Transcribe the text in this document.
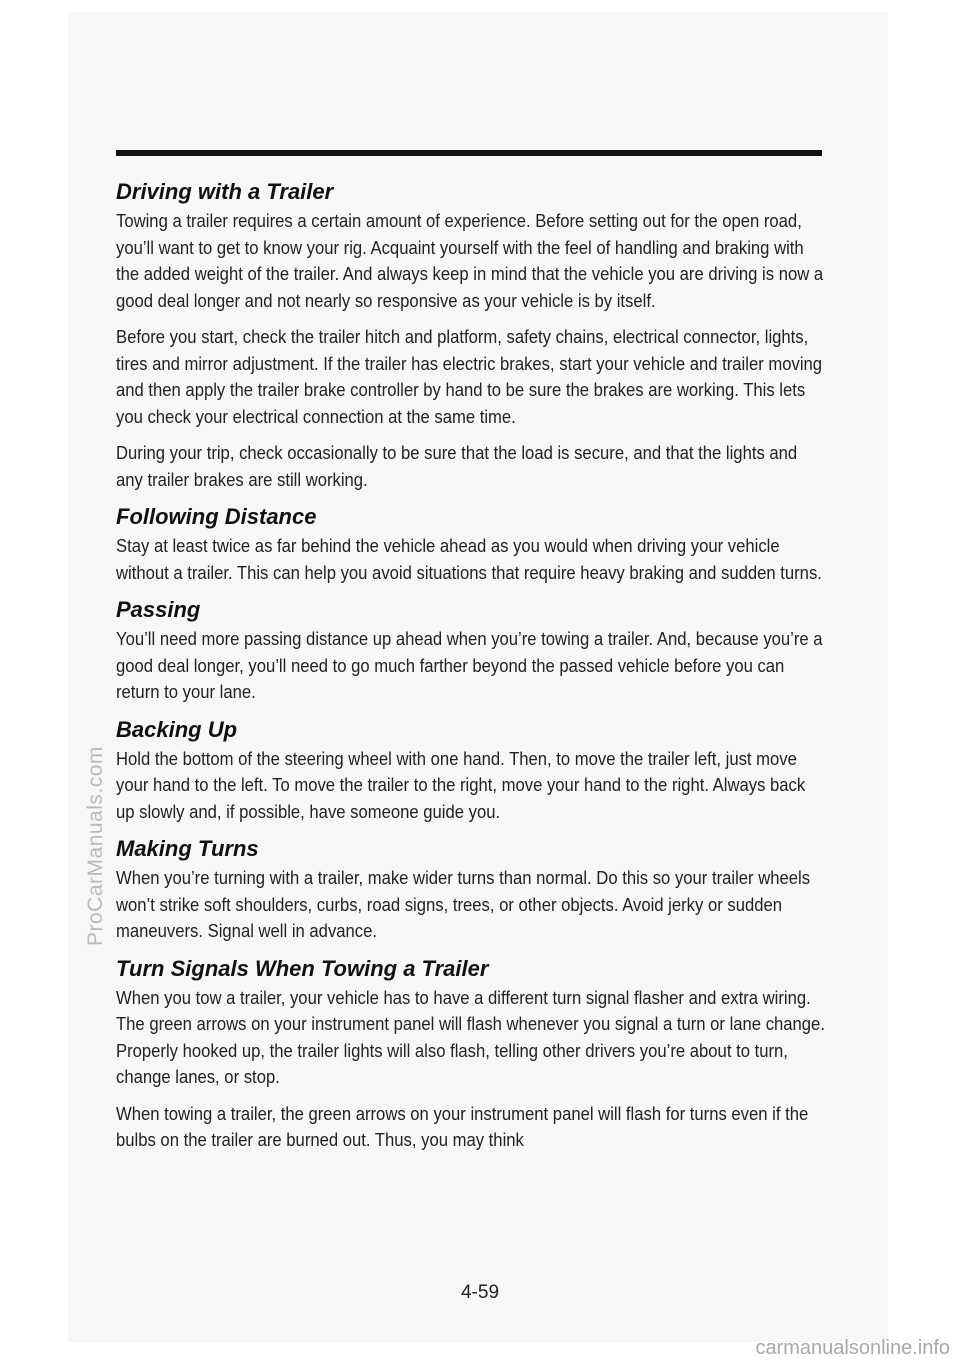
Driving with a Trailer

Towing a trailer requires a certain amount of experience. Before setting out for the open road, you’ll want to get to know your rig. Acquaint yourself with the feel of handling and braking with the added weight of the trailer. And always keep in mind that the vehicle you are driving is now a good deal longer and not nearly so responsive as your vehicle is by itself.

Before you start, check the trailer hitch and platform, safety chains, electrical connector, lights, tires and mirror adjustment. If the trailer has electric brakes, start your vehicle and trailer moving and then apply the trailer brake controller by hand to be sure the brakes are working. This lets you check your electrical connection at the same time.

During your trip, check occasionally to be sure that the load is secure, and that the lights and any trailer brakes are still working.

Following Distance

Stay at least twice as far behind the vehicle ahead as you would when driving your vehicle without a trailer. This can help you avoid situations that require heavy braking and sudden turns.

Passing

You’ll need more passing distance up ahead when you’re towing a trailer. And, because you’re a good deal longer, you’ll need to go much farther beyond the passed vehicle before you can return to your lane.

Backing Up

Hold the bottom of the steering wheel with one hand. Then, to move the trailer left, just move your hand to the left. To move the trailer to the right, move your hand to the right. Always back up slowly and, if possible, have someone guide you.

Making Turns

When you’re turning with a trailer, make wider turns than normal. Do this so your trailer wheels won’t strike soft shoulders, curbs, road signs, trees, or other objects. Avoid jerky or sudden maneuvers. Signal well in advance.

Turn Signals When Towing a Trailer

When you tow a trailer, your vehicle has to have a different turn signal flasher and extra wiring. The green arrows on your instrument panel will flash whenever you signal a turn or lane change. Properly hooked up, the trailer lights will also flash, telling other drivers you’re about to turn, change lanes, or stop.

When towing a trailer, the green arrows on your instrument panel will flash for turns even if the bulbs on the trailer are burned out. Thus, you may think

4-59
ProCarManuals.com
carmanualsonline.info
